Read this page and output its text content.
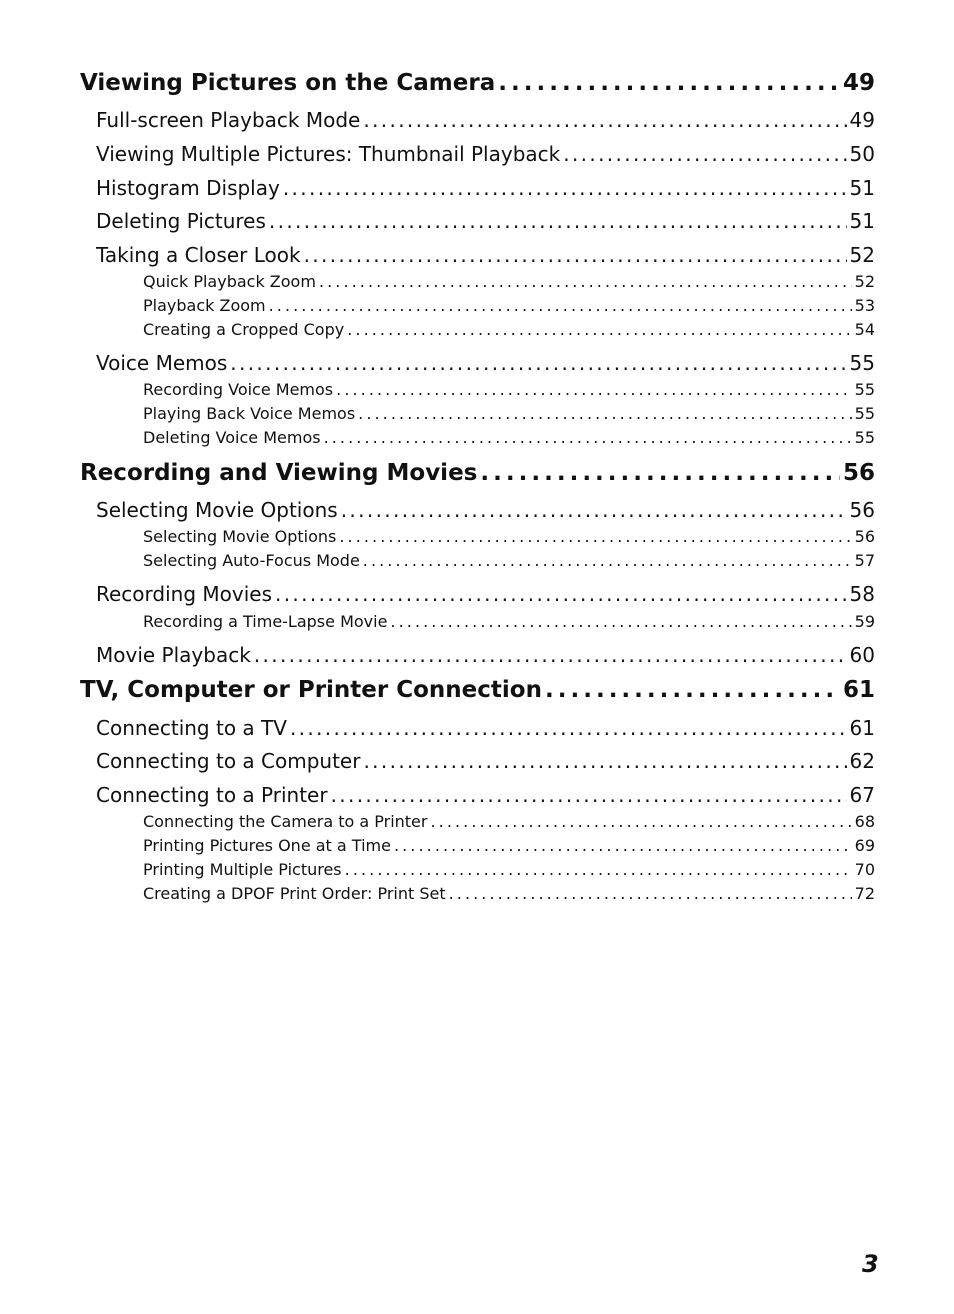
Viewing Pictures on the Camera . . .	49
Full-screen Playback Mode . . .	49
Viewing Multiple Pictures: Thumbnail Playback . . .	50
Histogram Display . . .	51
Deleting Pictures . . .	51
Taking a Closer Look . . .	52
Quick Playback Zoom . . .	52
Playback Zoom . . .	53
Creating a Cropped Copy . . .	54
Voice Memos . . .	55
Recording Voice Memos . . .	55
Playing Back Voice Memos . . .	55
Deleting Voice Memos . . .	55
Recording and Viewing Movies . . .	56
Selecting Movie Options . . .	56
Selecting Movie Options . . .	56
Selecting Auto-Focus Mode . . .	57
Recording Movies . . .	58
Recording a Time-Lapse Movie . . .	59
Movie Playback . . .	60
TV, Computer or Printer Connection . . .	61
Connecting to a TV . . .	61
Connecting to a Computer . . .	62
Connecting to a Printer . . .	67
Connecting the Camera to a Printer . . .	68
Printing Pictures One at a Time . . .	69
Printing Multiple Pictures . . .	70
Creating a DPOF Print Order: Print Set . . .	72
3
